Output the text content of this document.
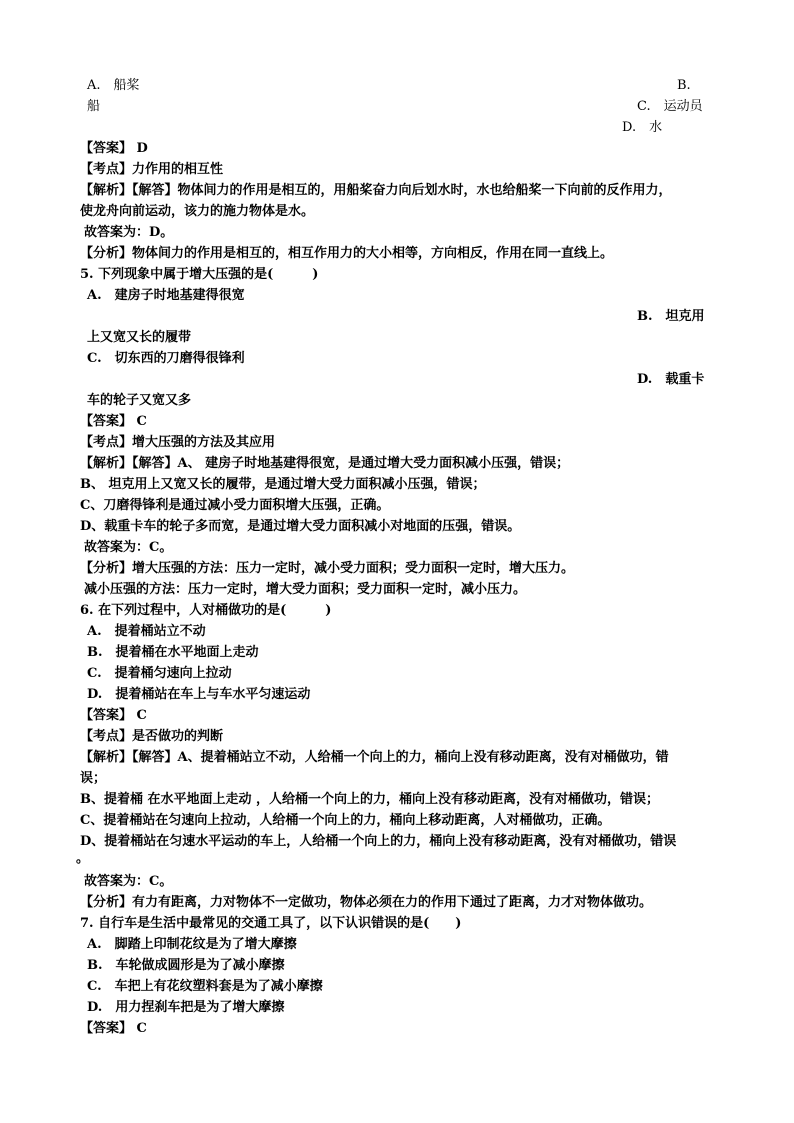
A.　船桨	B.
船	C.　运动员
D.　水
【答案】 D
【考点】力作用的相互性
【解析】【解答】物体间力的作用是相互的，用船桨奋力向后划水时，水也给船桨一下向前的反作用力，
使龙舟向前运动，该力的施力物体是水。
故答案为：D。
【分析】物体间力的作用是相互的，相互作用力的大小相等，方向相反，作用在同一直线上。
5. 下列现象中属于增大压强的是(　　　)
A.　建房子时地基建得很宽
B.　坦克用
上又宽又长的履带
C.　切东西的刀磨得很锋利
D.　载重卡
车的轮子又宽又多
【答案】 C
【考点】增大压强的方法及其应用
【解析】【解答】A、 建房子时地基建得很宽，是通过增大受力面积减小压强，错误；
B、 坦克用上又宽又长的履带，是通过增大受力面积减小压强，错误；
C、刀磨得锋利是通过减小受力面积增大压强，正确。
D、载重卡车的轮子多而宽，是通过增大受力面积减小对地面的压强，错误。
故答案为：C。
【分析】增大压强的方法：压力一定时，减小受力面积；受力面积一定时，增大压力。
减小压强的方法：压力一定时，增大受力面积；受力面积一定时，减小压力。
6. 在下列过程中，人对桶做功的是(　　　)
A.　提着桶站立不动
B.　提着桶在水平地面上走动
C.　提着桶匀速向上拉动
D.　提着桶站在车上与车水平匀速运动
【答案】 C
【考点】是否做功的判断
【解析】【解答】A、提着桶站立不动，人给桶一个向上的力，桶向上没有移动距离，没有对桶做功，错
误；
B、提着桶 在水平地面上走动 ，人给桶一个向上的力，桶向上没有移动距离，没有对桶做功，错误；
C、提着桶站在匀速向上拉动，人给桶一个向上的力，桶向上移动距离，人对桶做功，正确。
D、提着桶站在匀速水平运动的车上，人给桶一个向上的力，桶向上没有移动距离，没有对桶做功，错误
。
故答案为：C。
【分析】有力有距离，力对物体不一定做功，物体必须在力的作用下通过了距离，力才对物体做功。
7. 自行车是生活中最常见的交通工具了，以下认识错误的是(　　)
A.　脚踏上印制花纹是为了增大摩擦
B.　车轮做成圆形是为了减小摩擦
C.　车把上有花纹塑料套是为了减小摩擦
D.　用力捏刹车把是为了增大摩擦
【答案】 C
